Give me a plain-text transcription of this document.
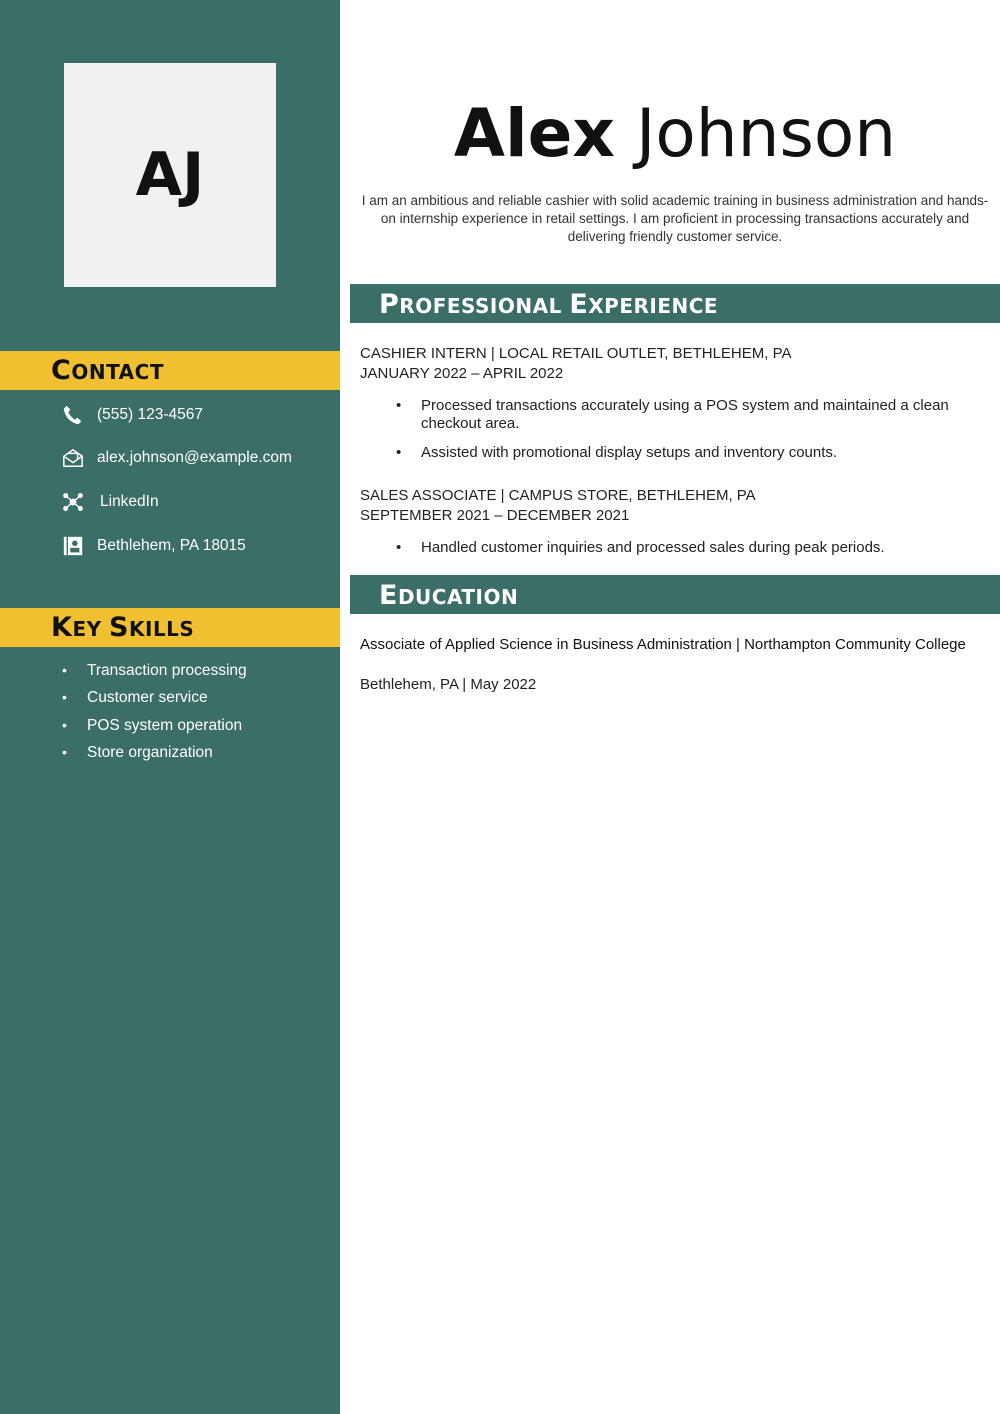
AJ
CONTACT
(555) 123-4567
alex.johnson@example.com
LinkedIn
Bethlehem, PA 18015
KEY SKILLS
• Transaction processing
• Customer service
• POS system operation
• Store organization
Alex Johnson
I am an ambitious and reliable cashier with solid academic training in business administration and hands-on internship experience in retail settings. I am proficient in processing transactions accurately and delivering friendly customer service.
PROFESSIONAL EXPERIENCE
CASHIER INTERN | LOCAL RETAIL OUTLET, BETHLEHEM, PA
JANUARY 2022 – APRIL 2022
• Processed transactions accurately using a POS system and maintained a clean checkout area.
• Assisted with promotional display setups and inventory counts.
SALES ASSOCIATE | CAMPUS STORE, BETHLEHEM, PA
SEPTEMBER 2021 – DECEMBER 2021
• Handled customer inquiries and processed sales during peak periods.
EDUCATION
Associate of Applied Science in Business Administration | Northampton Community College
Bethlehem, PA | May 2022
